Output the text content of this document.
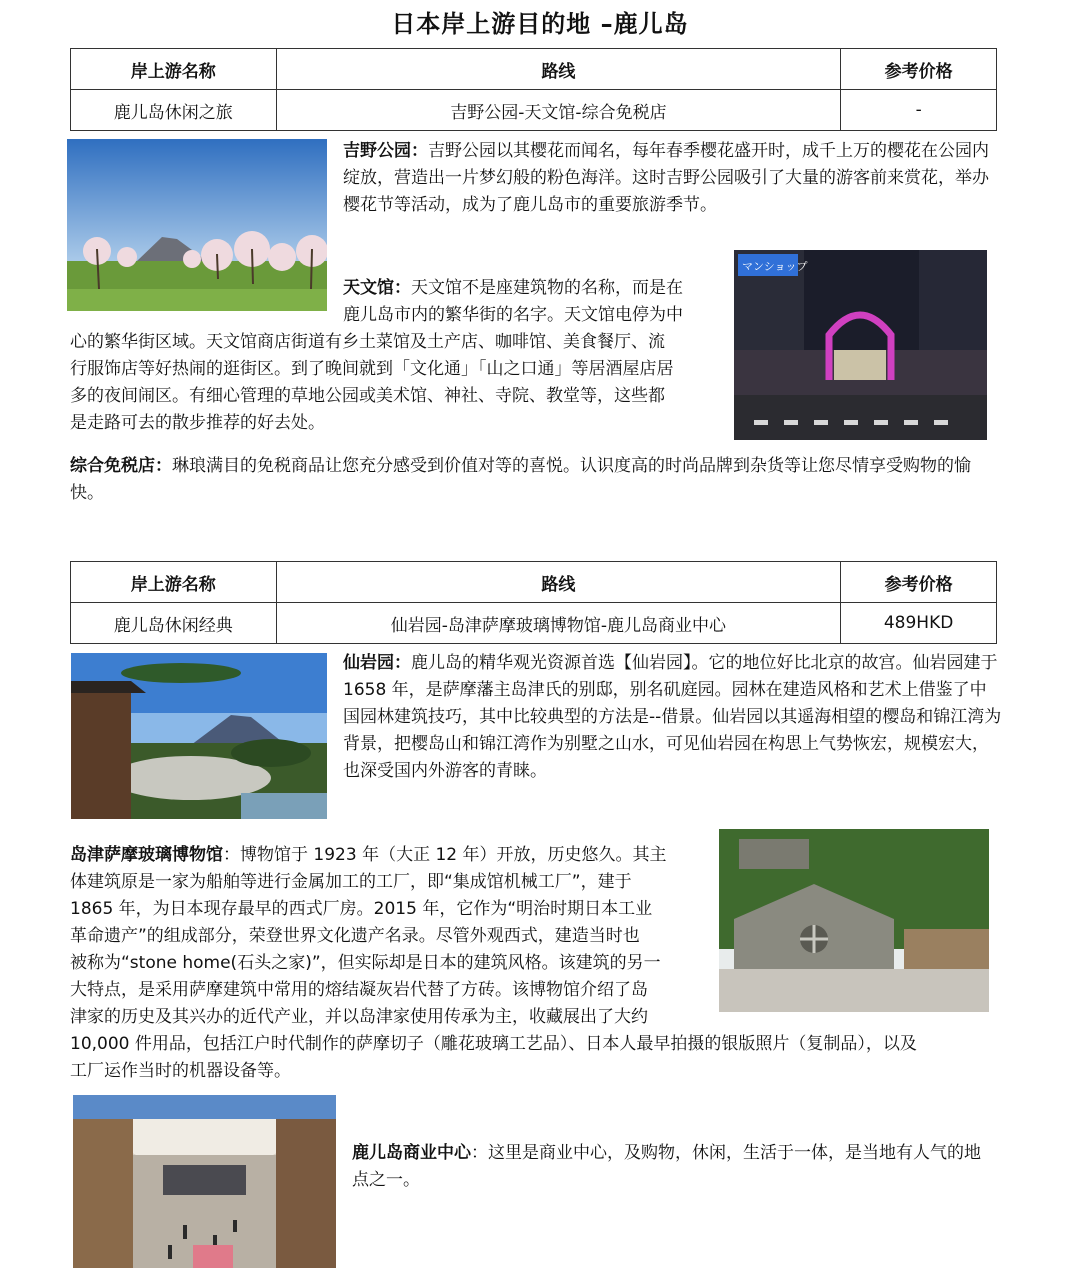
日本岸上游目的地 –鹿儿岛
岸上游名称	路线	参考价格
鹿儿岛休闲之旅	吉野公园-天文馆-综合免税店	-
吉野公园：吉野公园以其樱花而闻名，每年春季樱花盛开时，成千上万的樱花在公园内绽放，营造出一片梦幻般的粉色海洋。这时吉野公园吸引了大量的游客前来赏花，举办樱花节等活动，成为了鹿儿岛市的重要旅游季节。
マンショップ
天文馆：天文馆不是座建筑物的名称，而是在
鹿儿岛市内的繁华街的名字。天文馆电停为中
心的繁华街区域。天文馆商店街道有乡土菜馆及土产店、咖啡馆、美食餐厅、流
行服饰店等好热闹的逛街区。到了晚间就到「文化通」「山之口通」等居酒屋店居
多的夜间闹区。有细心管理的草地公园或美术馆、神社、寺院、教堂等，这些都
是走路可去的散步推荐的好去处。
综合免税店：琳琅满目的免税商品让您充分感受到价值对等的喜悦。认识度高的时尚品牌到杂货等让您尽情享受购物的愉快。
岸上游名称	路线	参考价格
鹿儿岛休闲经典	仙岩园-岛津萨摩玻璃博物馆-鹿儿岛商业中心	489HKD
仙岩园：鹿儿岛的精华观光资源首选【仙岩园】。它的地位好比北京的故宫。仙岩园建于 1658 年，是萨摩藩主岛津氏的别邸，别名矶庭园。园林在建造风格和艺术上借鉴了中国园林建筑技巧，其中比较典型的方法是--借景。仙岩园以其遥海相望的樱岛和锦江湾为背景，把樱岛山和锦江湾作为别墅之山水，可见仙岩园在构思上气势恢宏，规模宏大，也深受国内外游客的青睐。
岛津萨摩玻璃博物馆：博物馆于 1923 年（大正 12 年）开放，历史悠久。其主
体建筑原是一家为船舶等进行金属加工的工厂，即“集成馆机械工厂”，建于
1865 年，为日本现存最早的西式厂房。2015 年，它作为“明治时期日本工业
革命遗产”的组成部分，荣登世界文化遗产名录。尽管外观西式，建造当时也
被称为“stone home(石头之家)”，但实际却是日本的建筑风格。该建筑的另一
大特点，是采用萨摩建筑中常用的熔结凝灰岩代替了方砖。该博物馆介绍了岛
津家的历史及其兴办的近代产业，并以岛津家使用传承为主，收藏展出了大约
10,000 件用品，包括江户时代制作的萨摩切子（雕花玻璃工艺品）、日本人最早拍摄的银版照片（复制品），以及
工厂运作当时的机器设备等。
鹿儿岛商业中心：这里是商业中心，及购物，休闲，生活于一体，是当地有人气的地点之一。
